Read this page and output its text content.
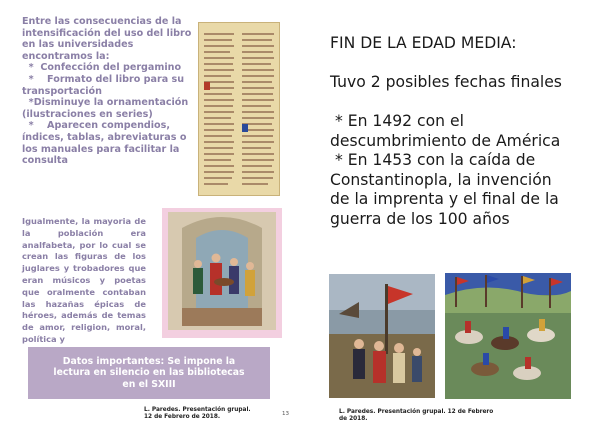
Entre las consecuencias de la
intensificación del uso del libro
en las universidades
encontramos la:
*  Confección del pergamino
*    Formato del libro para su
transportación
*Disminuye la ornamentación
(ilustraciones en series)
*    Aparecen compendios,
índices, tablas, abreviaturas o
los manuales para facilitar la
consulta
Igualmente, la mayoria de la población era analfabeta, por lo cual se crean las figuras de los juglares y trobadores que eran músicos y poetas que oralmente contaban las hazañas épicas de héroes, además de temas de amor, religion, moral, política y
Datos importantes: Se impone la
lectura en silencio en las bibliotecas
en el SXIII
L. Paredes. Presentación grupal. 12 de Febrero de 2018.	13
FIN DE LA EDAD MEDIA:
Tuvo 2 posibles fechas finales
* En 1492 con el
descumbrimiento de América
* En 1453 con la caída de
Constantinopla, la invención
de la imprenta y el final de la
guerra de los 100 años
L. Paredes. Presentación grupal. 12 de Febrero de 2018.
